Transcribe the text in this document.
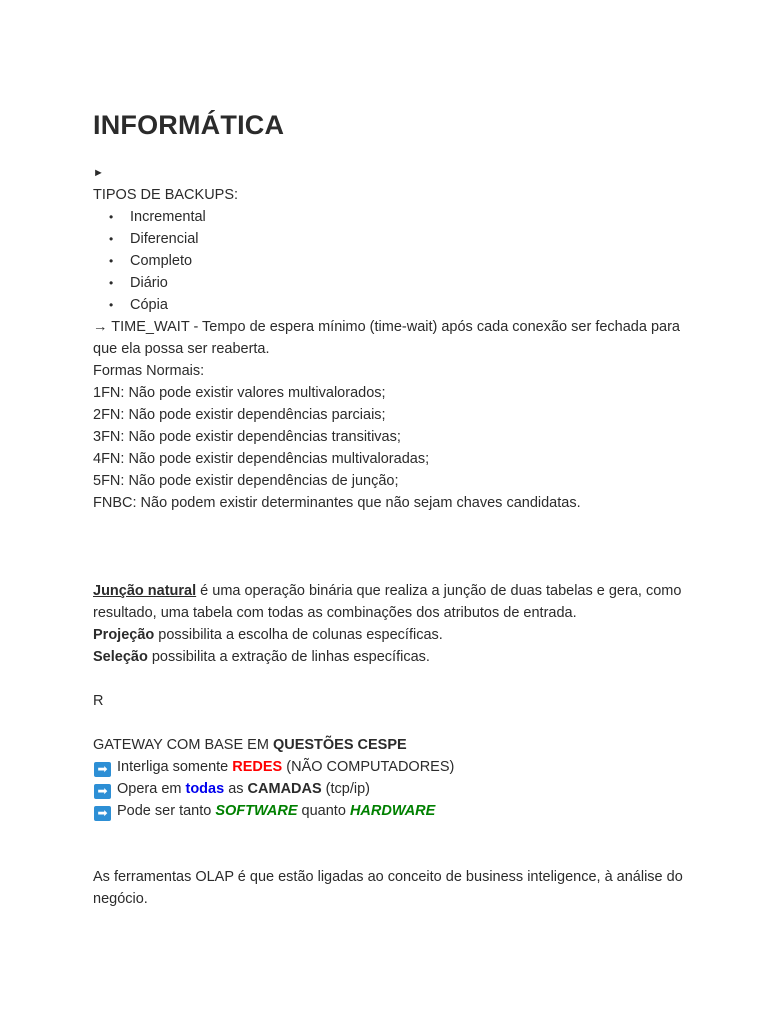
INFORMÁTICA
►

TIPOS DE BACKUPS:

• Incremental
• Diferencial
• Completo
• Diário
• Cópia

→ TIME_WAIT - Tempo de espera mínimo (time-wait) após cada conexão ser fechada para

que ela possa ser reaberta.

Formas Normais:

1FN: Não pode existir valores multivalorados;

2FN: Não pode existir dependências parciais;

3FN: Não pode existir dependências transitivas;

4FN: Não pode existir dependências multivaloradas;

5FN: Não pode existir dependências de junção;

FNBC: Não podem existir determinantes que não sejam chaves candidatas.

Junção natural é uma operação binária que realiza a junção de duas tabelas e gera, como

resultado, uma tabela com todas as combinações dos atributos de entrada.

Projeção possibilita a escolha de colunas específicas.

Seleção possibilita a extração de linhas específicas.

R

GATEWAY COM BASE EM QUESTÕES CESPE

➡ Interliga somente REDES (NÃO COMPUTADORES)

➡ Opera em todas as CAMADAS (tcp/ip)

➡ Pode ser tanto SOFTWARE quanto HARDWARE

As ferramentas OLAP é que estão ligadas ao conceito de business inteligence, à análise do

negócio.
